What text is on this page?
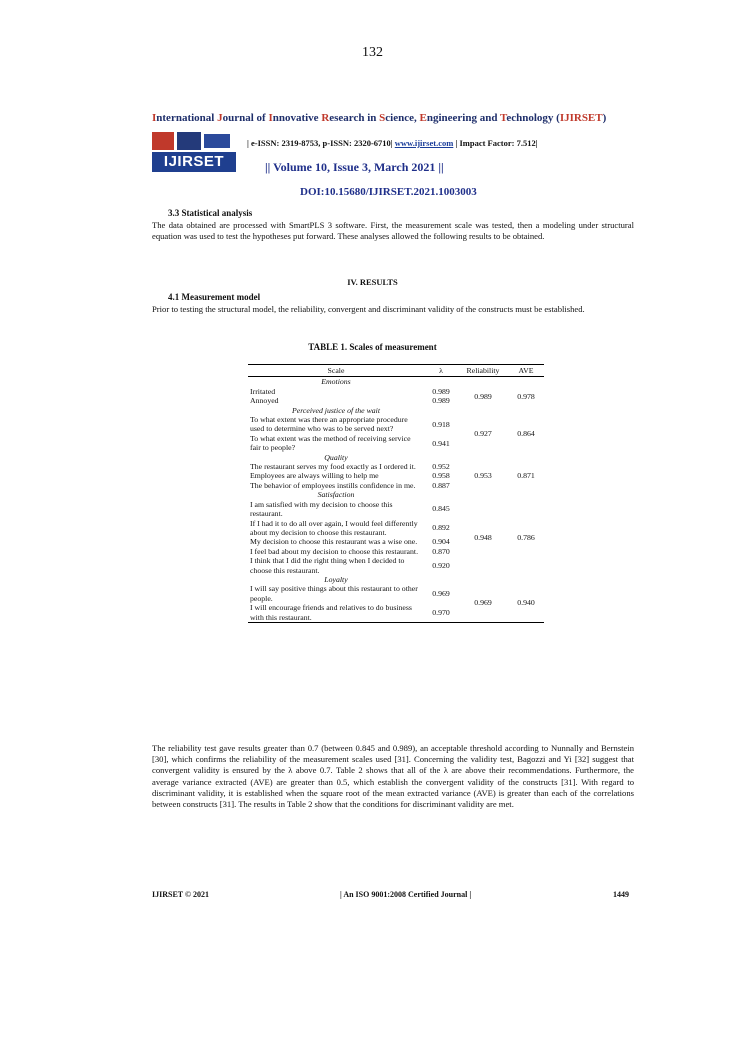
132
International Journal of Innovative Research in Science, Engineering and Technology (IJIRSET)
IJIRSET
| e-ISSN: 2319-8753, p-ISSN: 2320-6710| www.ijirset.com | Impact Factor: 7.512|
|| Volume 10, Issue 3, March 2021 ||
DOI:10.15680/IJIRSET.2021.1003003
3.3 Statistical analysis
The data obtained are processed with SmartPLS 3 software. First, the measurement scale was tested, then a modeling under structural equation was used to test the hypotheses put forward. These analyses allowed the following results to be obtained.
IV. RESULTS
4.1 Measurement model
Prior to testing the structural model, the reliability, convergent and discriminant validity of the constructs must be established.
TABLE 1. Scales of measurement
Scale	λ	Reliability	AVE
Emotions			
Irritated	0.989	0.989	0.978
Annoyed	0.989		
Perceived justice of the wait			
To what extent was there an appropriate procedure used to determine who was to be served next?	0.918	0.927	0.864
To what extent was the method of receiving service fair to people?	0.941		
Quality			
The restaurant serves my food exactly as I ordered it.	0.952	0.953	0.871
Employees are always willing to help me	0.958		
The behavior of employees instills confidence in me.	0.887		
Satisfaction			
I am satisfied with my decision to choose this restaurant.	0.845	0.948	0.786
If I had it to do all over again, I would feel differently about my decision to choose this restaurant.	0.892		
My decision to choose this restaurant was a wise one.	0.904		
I feel bad about my decision to choose this restaurant.	0.870		
I think that I did the right thing when I decided to choose this restaurant.	0.920		
Loyalty			
I will say positive things about this restaurant to other people.	0.969	0.969	0.940
I will encourage friends and relatives to do business with this restaurant.	0.970		
The reliability test gave results greater than 0.7 (between 0.845 and 0.989), an acceptable threshold according to Nunnally and Bernstein [30], which confirms the reliability of the measurement scales used [31]. Concerning the validity test, Bagozzi and Yi [32] suggest that convergent validity is ensured by the λ above 0.7. Table 2 shows that all of the λ are above their recommendations. Furthermore, the average variance extracted (AVE) are greater than 0.5, which establish the convergent validity of the constructs [31]. With regard to discriminant validity, it is established when the square root of the mean extracted variance (AVE) is greater than each of the correlations between constructs [31]. The results in Table 2 show that the conditions for discriminant validity are met.
IJIRSET © 2021	| An ISO 9001:2008 Certified Journal |	1449
